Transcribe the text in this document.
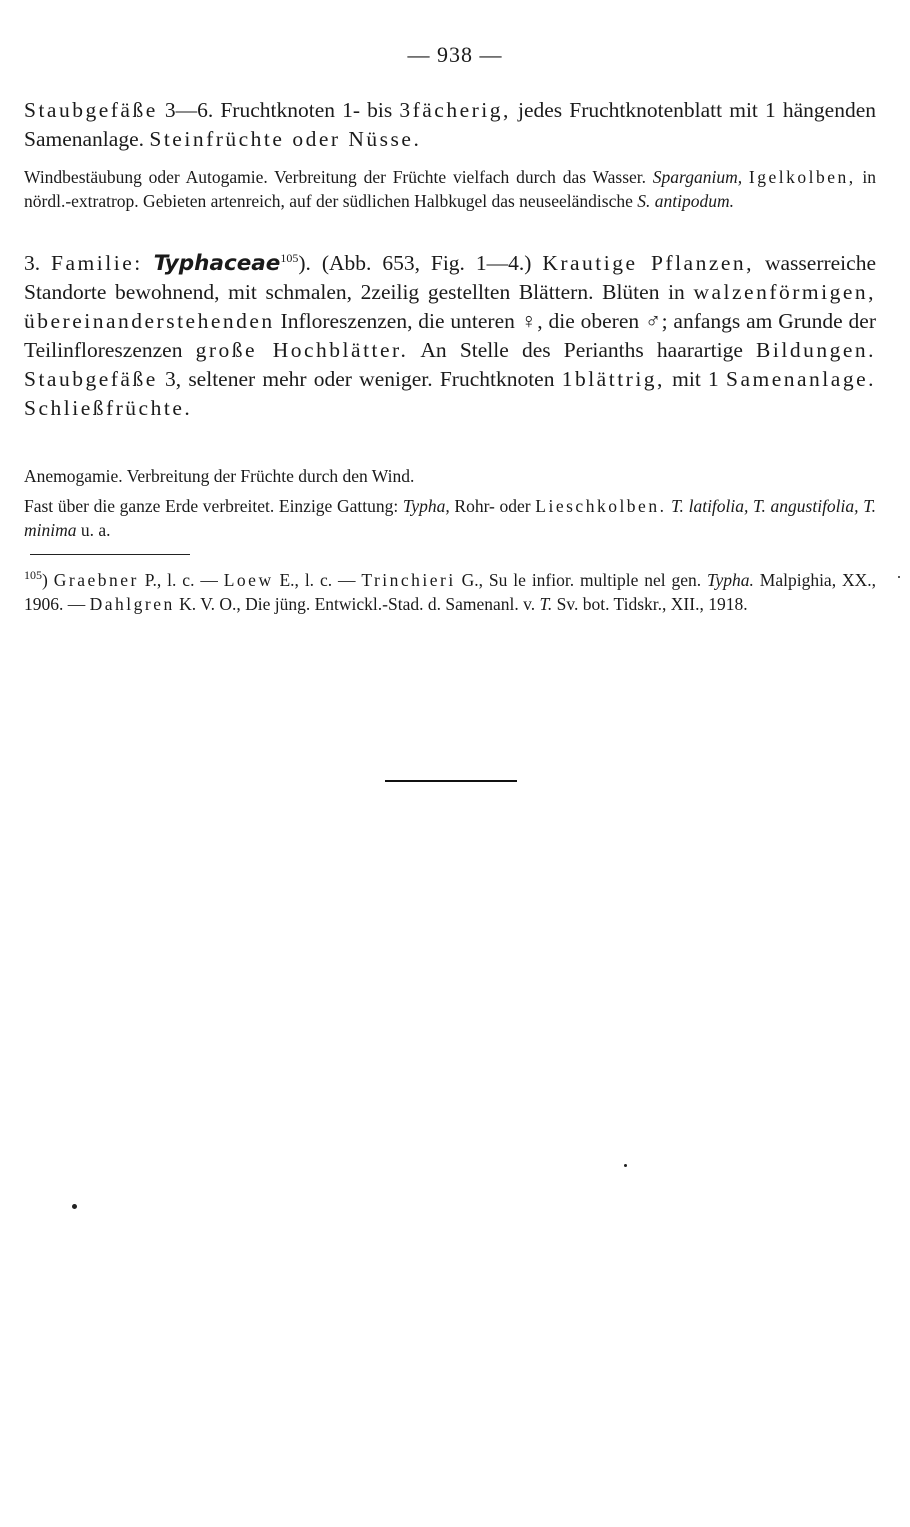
— 938 —
Staubgefäße 3—6. Fruchtknoten 1- bis 3fächerig, jedes Fruchtknotenblatt mit 1 hängenden Samenanlage. Steinfrüchte oder Nüsse.
Windbestäubung oder Autogamie. Verbreitung der Früchte vielfach durch das Wasser. Sparganium, Igelkolben, in nördl.-extratrop. Gebieten artenreich, auf der südlichen Halbkugel das neuseeländische S. antipodum.
3. Familie: Typhaceae$^{105}$). (Abb. 653, Fig. 1—4.) Krautige Pflanzen, wasserreiche Standorte bewohnend, mit schmalen, 2zeilig gestellten Blättern. Blüten in walzenförmigen, übereinanderstehenden Infloreszenzen, die unteren ♀, die oberen ♂; anfangs am Grunde der Teilinfloreszenzen große Hochblätter. An Stelle des Perianths haarartige Bildungen. Staubgefäße 3, seltener mehr oder weniger. Fruchtknoten 1blättrig, mit 1 Samenanlage. Schließfrüchte.
Anemogamie. Verbreitung der Früchte durch den Wind.
Fast über die ganze Erde verbreitet. Einzige Gattung: Typha, Rohr- oder Lieschkolben. T. latifolia, T. angustifolia, T. minima u. a.
$^{105}$) Graebner P., l. c. — Loew E., l. c. — Trinchieri G., Su le infior. multiple nel gen. Typha. Malpighia, XX., 1906. — Dahlgren K. V. O., Die jüng. Entwickl.-Stad. d. Samenanl. v. T. Sv. bot. Tidskr., XII., 1918.
